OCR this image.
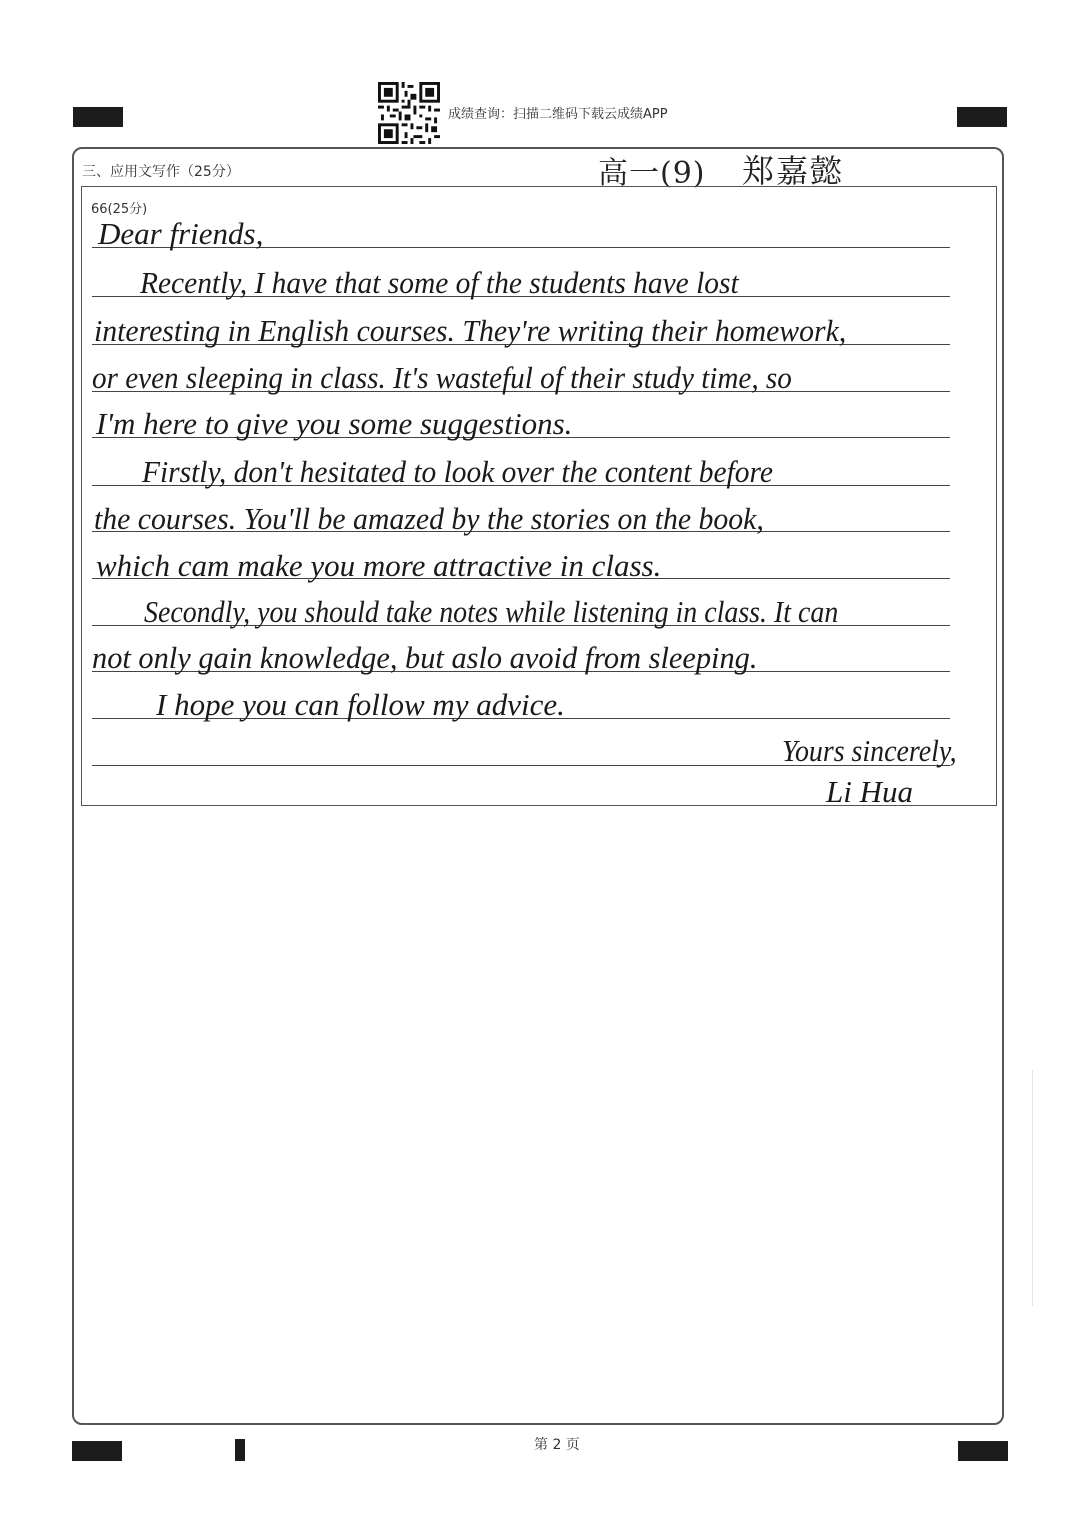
成绩查询：扫描二维码下载云成绩APP
三、应用文写作（25分）	高一(9) 郑嘉懿
66(25分)
Dear friends,
Recently, I have that some of the students have lost
interesting in English courses. They're writing their homework,
or even sleeping in class. It's wasteful of their study time, so
I'm here to give you some suggestions.
Firstly, don't hesitated to look over the content before
the courses. You'll be amazed by the stories on the book,
which cam make you more attractive in class.
Secondly, you should take notes while listening in class. It can
not only gain knowledge, but aslo avoid from sleeping.
I hope you can follow my advice.
Yours sincerely,
Li Hua
第 2 页
